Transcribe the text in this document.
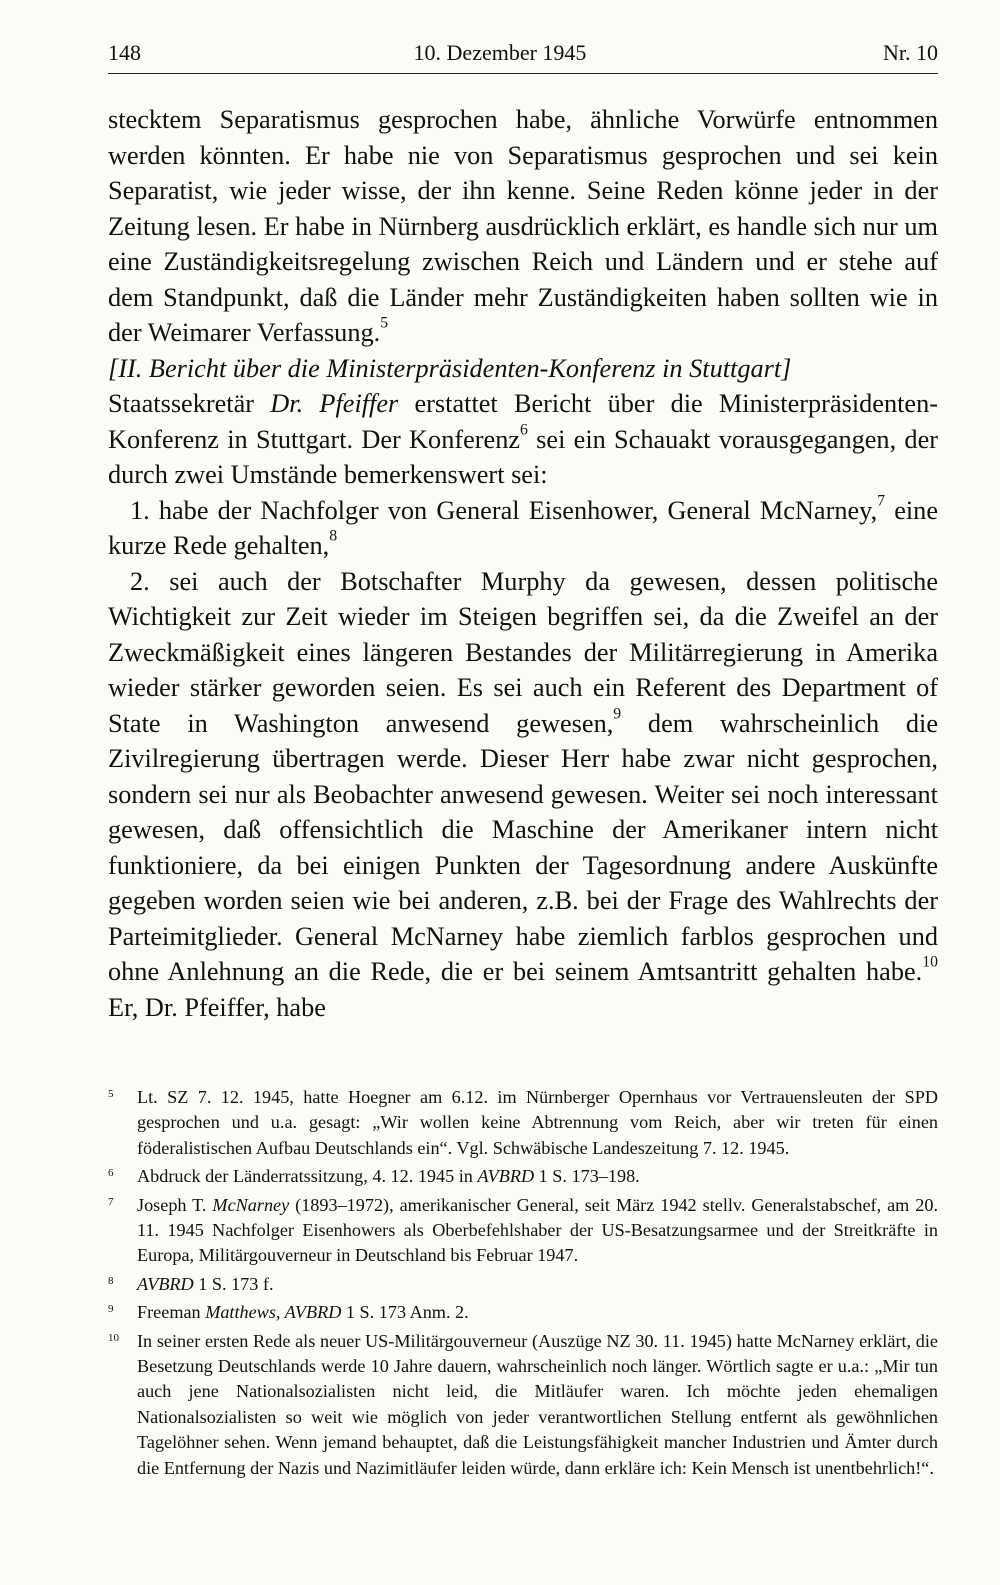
148	10. Dezember 1945	Nr. 10

stecktem Separatismus gesprochen habe, ähnliche Vorwürfe entnommen werden könnten. Er habe nie von Separatismus gesprochen und sei kein Separatist, wie jeder wisse, der ihn kenne. Seine Reden könne jeder in der Zeitung lesen. Er habe in Nürnberg ausdrücklich erklärt, es handle sich nur um eine Zuständigkeitsregelung zwischen Reich und Ländern und er stehe auf dem Standpunkt, daß die Länder mehr Zuständigkeiten haben sollten wie in der Weimarer Verfassung.$^5$

[II. Bericht über die Ministerpräsidenten-Konferenz in Stuttgart]

Staatssekretär Dr. Pfeiffer erstattet Bericht über die Ministerpräsidenten-Konferenz in Stuttgart. Der Konferenz$^6$ sei ein Schauakt vorausgegangen, der durch zwei Umstände bemerkenswert sei:

1. habe der Nachfolger von General Eisenhower, General McNarney,$^7$ eine kurze Rede gehalten,$^8$

2. sei auch der Botschafter Murphy da gewesen, dessen politische Wichtigkeit zur Zeit wieder im Steigen begriffen sei, da die Zweifel an der Zweckmäßigkeit eines längeren Bestandes der Militärregierung in Amerika wieder stärker geworden seien. Es sei auch ein Referent des Department of State in Washington anwesend gewesen,$^9$ dem wahrscheinlich die Zivilregierung übertragen werde. Dieser Herr habe zwar nicht gesprochen, sondern sei nur als Beobachter anwesend gewesen. Weiter sei noch interessant gewesen, daß offensichtlich die Maschine der Amerikaner intern nicht funktioniere, da bei einigen Punkten der Tagesordnung andere Auskünfte gegeben worden seien wie bei anderen, z.B. bei der Frage des Wahlrechts der Parteimitglieder. General McNarney habe ziemlich farblos gesprochen und ohne Anlehnung an die Rede, die er bei seinem Amtsantritt gehalten habe.$^{10}$ Er, Dr. Pfeiffer, habe

5 Lt. SZ 7. 12. 1945, hatte Hoegner am 6.12. im Nürnberger Opernhaus vor Vertrauensleuten der SPD gesprochen und u.a. gesagt: „Wir wollen keine Abtrennung vom Reich, aber wir treten für einen föderalistischen Aufbau Deutschlands ein“. Vgl. Schwäbische Landeszeitung 7. 12. 1945.

6 Abdruck der Länderratssitzung, 4. 12. 1945 in AVBRD 1 S. 173–198.

7 Joseph T. McNarney (1893–1972), amerikanischer General, seit März 1942 stellv. Generalstabschef, am 20. 11. 1945 Nachfolger Eisenhowers als Oberbefehlshaber der US-Besatzungsarmee und der Streitkräfte in Europa, Militärgouverneur in Deutschland bis Februar 1947.

8 AVBRD 1 S. 173 f.

9 Freeman Matthews, AVBRD 1 S. 173 Anm. 2.

10 In seiner ersten Rede als neuer US-Militärgouverneur (Auszüge NZ 30. 11. 1945) hatte McNarney erklärt, die Besetzung Deutschlands werde 10 Jahre dauern, wahrscheinlich noch länger. Wörtlich sagte er u.a.: „Mir tun auch jene Nationalsozialisten nicht leid, die Mitläufer waren. Ich möchte jeden ehemaligen Nationalsozialisten so weit wie möglich von jeder verantwortlichen Stellung entfernt als gewöhnlichen Tagelöhner sehen. Wenn jemand behauptet, daß die Leistungsfähigkeit mancher Industrien und Ämter durch die Entfernung der Nazis und Nazimitläufer leiden würde, dann erkläre ich: Kein Mensch ist unentbehrlich!“.
